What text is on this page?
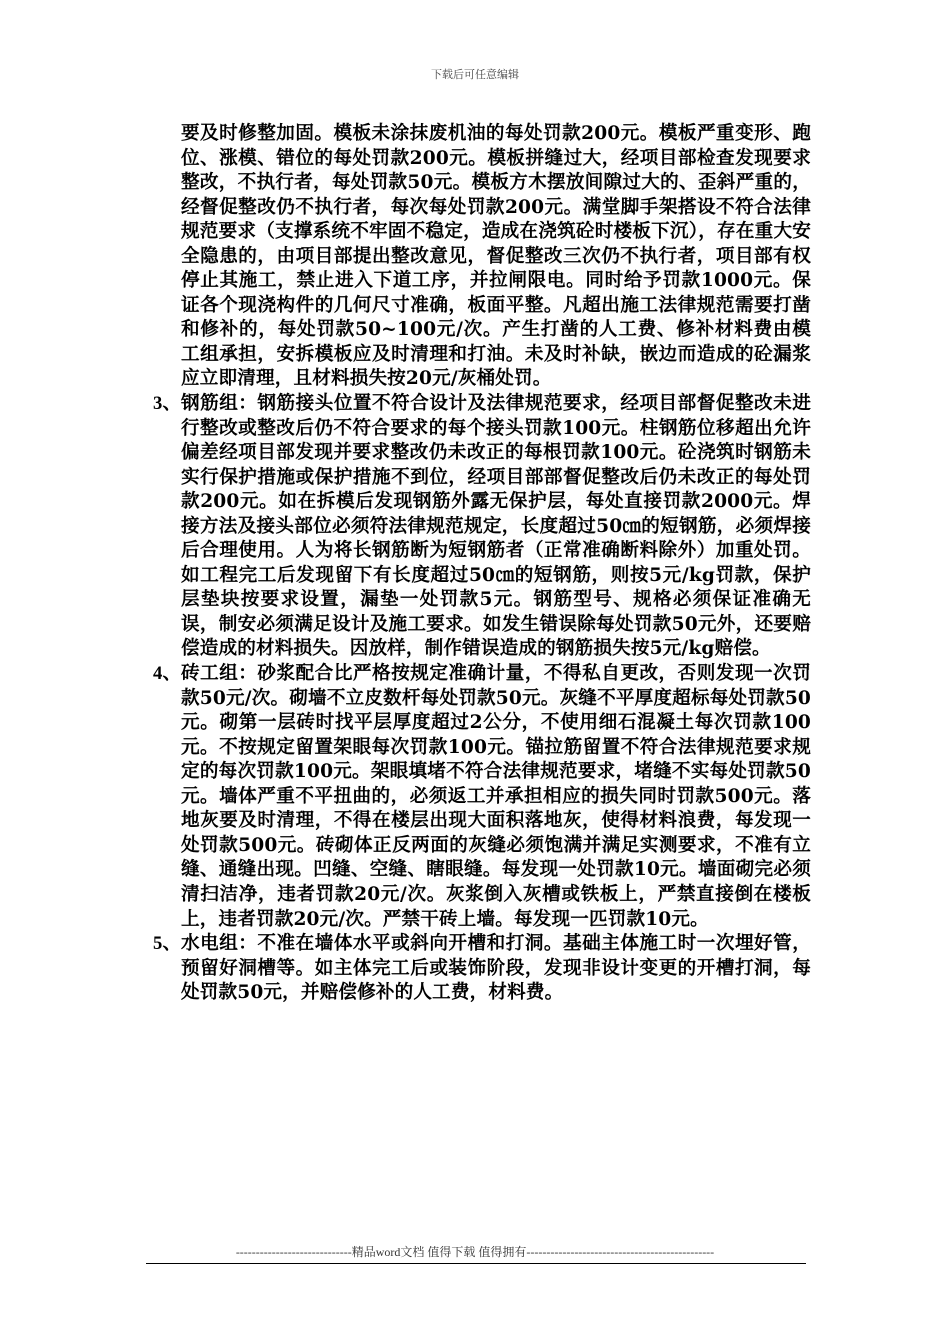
下载后可任意编辑

要及时修整加固。模板未涂抹废机油的每处罚款200元。模板严重变形、跑位、涨模、错位的每处罚款200元。模板拼缝过大，经项目部检查发现要求整改，不执行者，每处罚款50元。模板方木摆放间隙过大的、歪斜严重的，经督促整改仍不执行者，每次每处罚款200元。满堂脚手架搭设不符合法律规范要求（支撑系统不牢固不稳定，造成在浇筑砼时楼板下沉），存在重大安全隐患的，由项目部提出整改意见，督促整改三次仍不执行者，项目部有权停止其施工，禁止进入下道工序，并拉闸限电。同时给予罚款1000元。保证各个现浇构件的几何尺寸准确，板面平整。凡超出施工法律规范需要打凿和修补的，每处罚款50~100元/次。产生打凿的人工费、修补材料费由模工组承担，安拆模板应及时清理和打油。未及时补缺，嵌边而造成的砼漏浆应立即清理，且材料损失按20元/灰桶处罚。

3、 钢筋组：钢筋接头位置不符合设计及法律规范要求，经项目部督促整改未进行整改或整改后仍不符合要求的每个接头罚款100元。柱钢筋位移超出允许偏差经项目部发现并要求整改仍未改正的每根罚款100元。砼浇筑时钢筋未实行保护措施或保护措施不到位，经项目部部督促整改后仍未改正的每处罚款200元。如在拆模后发现钢筋外露无保护层，每处直接罚款2000元。焊接方法及接头部位必须符法律规范规定，长度超过50㎝的短钢筋，必须焊接后合理使用。人为将长钢筋断为短钢筋者（正常准确断料除外）加重处罚。如工程完工后发现留下有长度超过50㎝的短钢筋，则按5元/kg罚款，保护层垫块按要求设置，漏垫一处罚款5元。钢筋型号、规格必须保证准确无误，制安必须满足设计及施工要求。如发生错误除每处罚款50元外，还要赔偿造成的材料损失。因放样，制作错误造成的钢筋损失按5元/kg赔偿。
4、 砖工组：砂浆配合比严格按规定准确计量，不得私自更改，否则发现一次罚款50元/次。砌墙不立皮数杆每处罚款50元。灰缝不平厚度超标每处罚款50元。砌第一层砖时找平层厚度超过2公分，不使用细石混凝土每次罚款100元。不按规定留置架眼每次罚款100元。锚拉筋留置不符合法律规范要求规定的每次罚款100元。架眼填堵不符合法律规范要求，堵缝不实每处罚款50元。墙体严重不平扭曲的，必须返工并承担相应的损失同时罚款500元。落地灰要及时清理，不得在楼层出现大面积落地灰，使得材料浪费，每发现一处罚款500元。砖砌体正反两面的灰缝必须饱满并满足实测要求，不准有立缝、通缝出现。凹缝、空缝、瞎眼缝。每发现一处罚款10元。墙面砌完必须清扫洁净，违者罚款20元/次。灰浆倒入灰槽或铁板上，严禁直接倒在楼板上，违者罚款20元/次。严禁干砖上墙。每发现一匹罚款10元。
5、 水电组：不准在墙体水平或斜向开槽和打洞。基础主体施工时一次埋好管，预留好洞槽等。如主体完工后或装饰阶段，发现非设计变更的开槽打洞，每处罚款50元，并赔偿修补的人工费，材料费。
-----------------------------精品word文档 值得下载 值得拥有-----------------------------------------------
